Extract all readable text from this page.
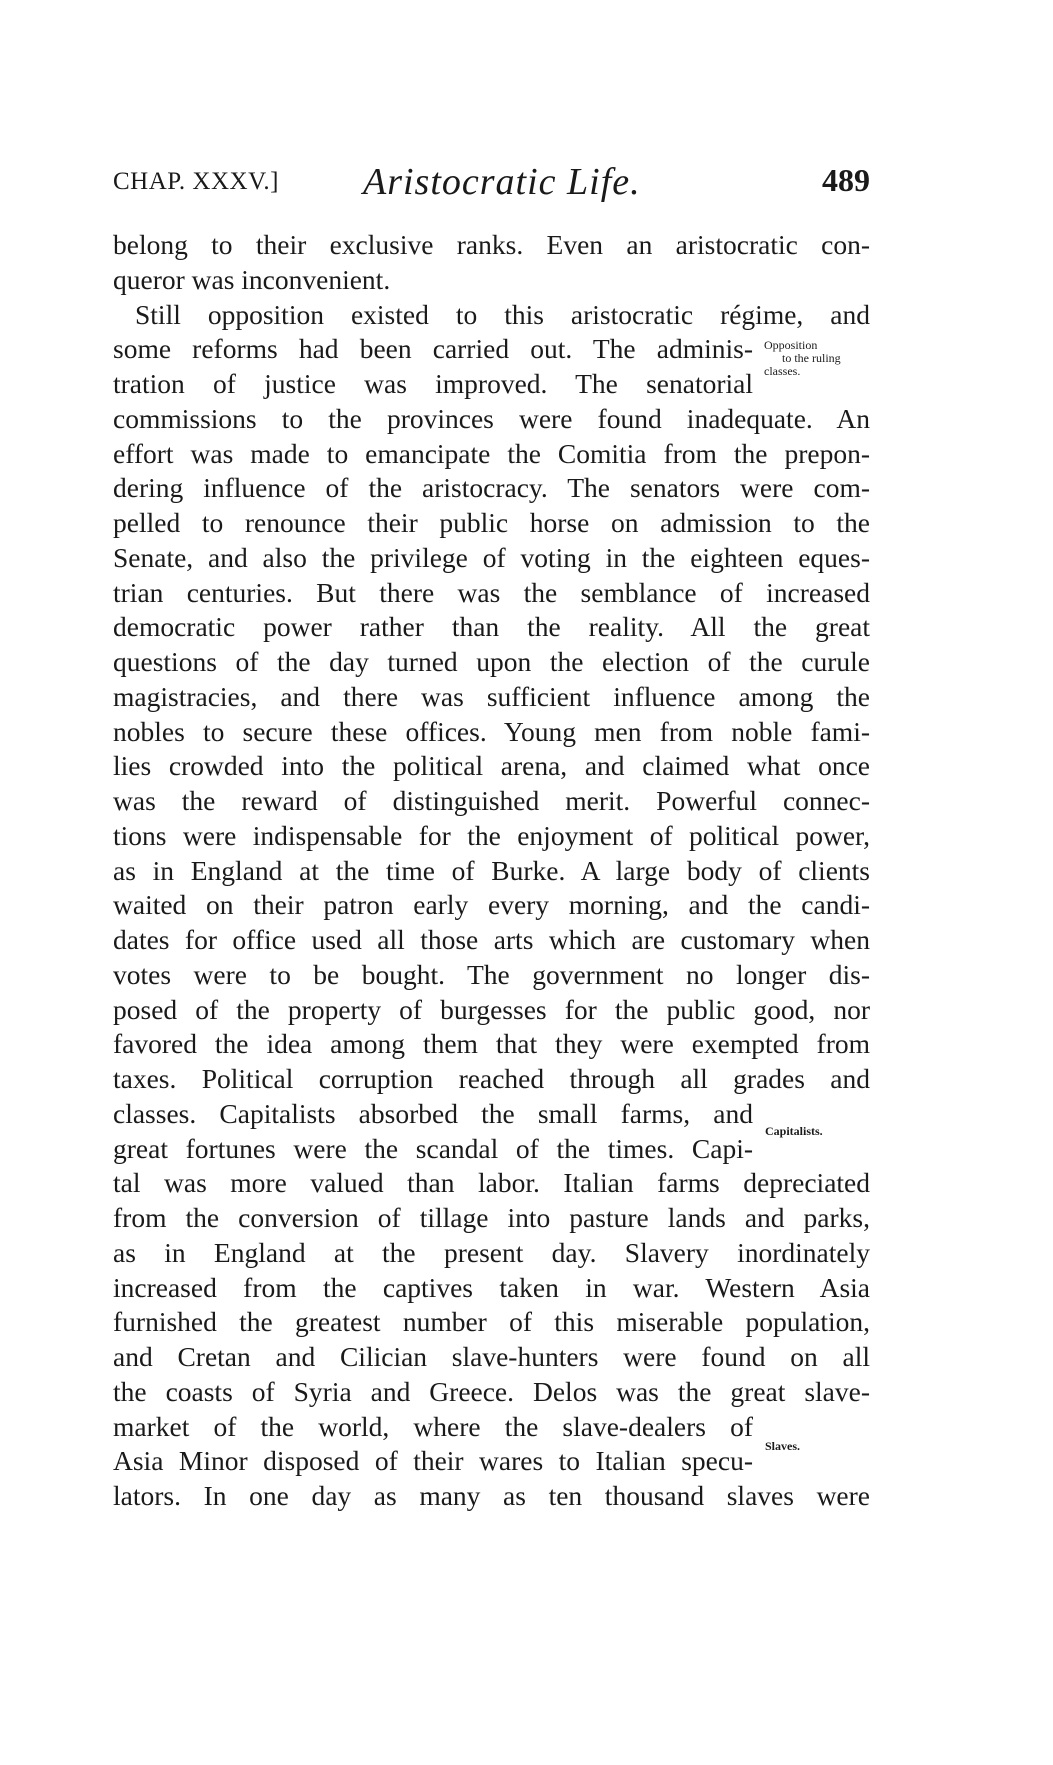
CHAP. XXXV.] Aristocratic Life.	489
belong to their exclusive ranks. Even an aristocratic con-
queror was inconvenient.
Still opposition existed to this aristocratic régime, and
some reforms had been carried out. The adminis-
tration of justice was improved. The senatorial
commissions to the provinces were found inadequate. An
effort was made to emancipate the Comitia from the prepon-
dering influence of the aristocracy. The senators were com-
pelled to renounce their public horse on admission to the
Senate, and also the privilege of voting in the eighteen eques-
trian centuries. But there was the semblance of increased
democratic power rather than the reality. All the great
questions of the day turned upon the election of the curule
magistracies, and there was sufficient influence among the
nobles to secure these offices. Young men from noble fami-
lies crowded into the political arena, and claimed what once
was the reward of distinguished merit. Powerful connec-
tions were indispensable for the enjoyment of political power,
as in England at the time of Burke. A large body of clients
waited on their patron early every morning, and the candi-
dates for office used all those arts which are customary when
votes were to be bought. The government no longer dis-
posed of the property of burgesses for the public good, nor
favored the idea among them that they were exempted from
taxes. Political corruption reached through all grades and
classes. Capitalists absorbed the small farms, and
great fortunes were the scandal of the times. Capi-
tal was more valued than labor. Italian farms depreciated
from the conversion of tillage into pasture lands and parks,
as in England at the present day. Slavery inordinately
increased from the captives taken in war. Western Asia
furnished the greatest number of this miserable population,
and Cretan and Cilician slave-hunters were found on all
the coasts of Syria and Greece. Delos was the great slave-
market of the world, where the slave-dealers of
Asia Minor disposed of their wares to Italian specu-
lators. In one day as many as ten thousand slaves were
Opposition
to the ruling
classes.
Capitalists.
Slaves.
